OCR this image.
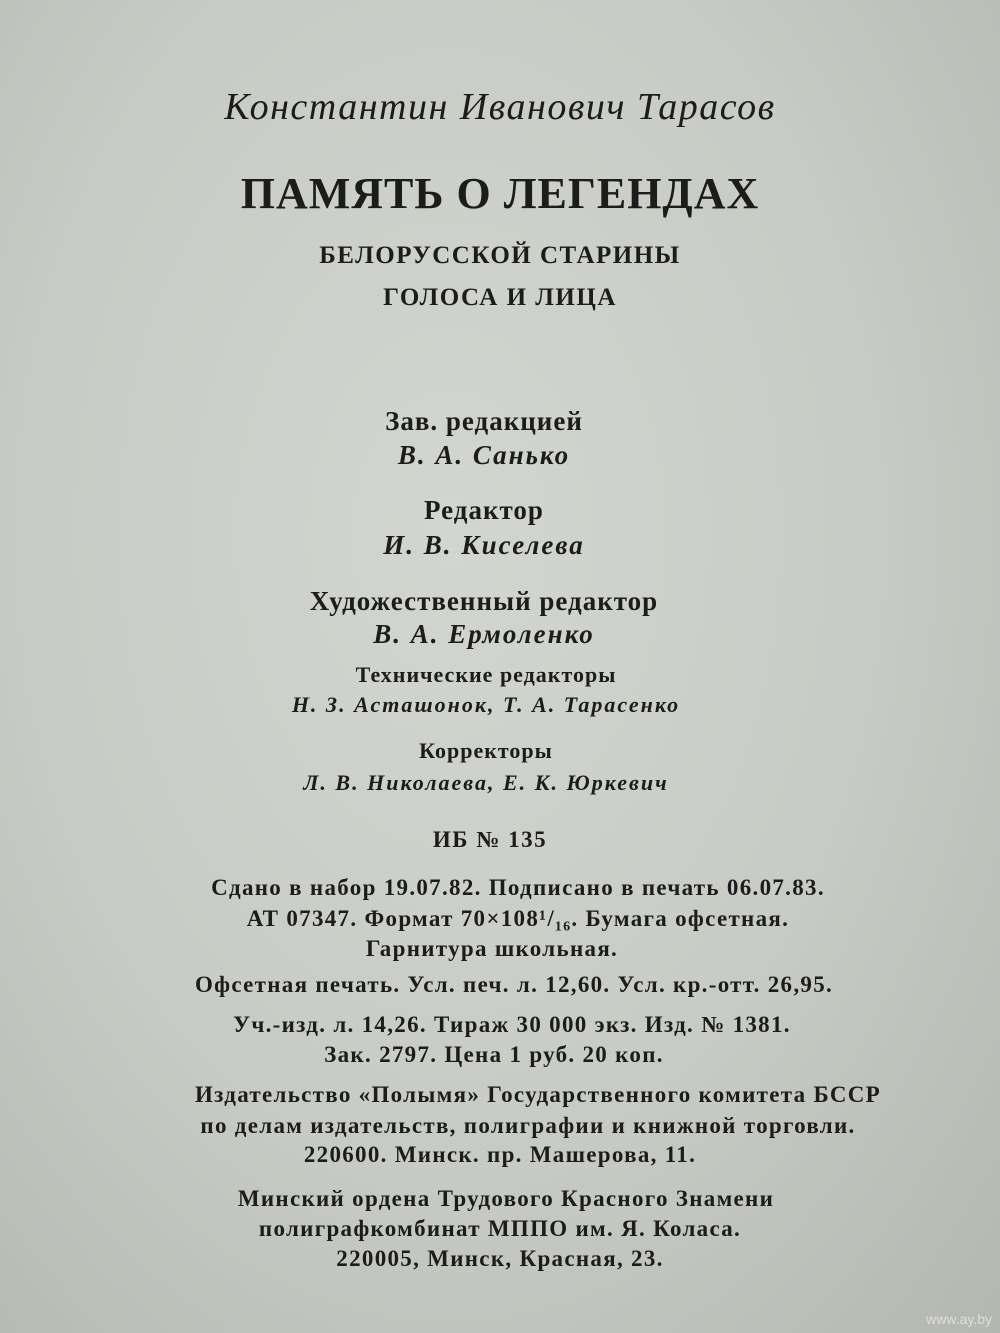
Константин Иванович Тарасов

ПАМЯТЬ О ЛЕГЕНДАХ

БЕЛОРУССКОЙ СТАРИНЫ

ГОЛОСА И ЛИЦА

Зав. редакцией

В. А. Санько

Редактор

И. В. Киселева

Художественный редактор

В. А. Ермоленко

Технические редакторы

Н. З. Асташонок, Т. А. Тарасенко

Корректоры

Л. В. Николаева, Е. К. Юркевич

ИБ № 135

Сдано в набор 19.07.82. Подписано в печать 06.07.83.

АТ 07347. Формат 70×108¹/₁₆. Бумага офсетная.

Гарнитура школьная.

Офсетная печать. Усл. печ. л. 12,60. Усл. кр.-отт. 26,95.

Уч.-изд. л. 14,26. Тираж 30 000 экз. Изд. № 1381.

Зак. 2797. Цена 1 руб. 20 коп.

Издательство «Полымя» Государственного комитета БССР

по делам издательств, полиграфии и книжной торговли.

220600. Минск. пр. Машерова, 11.

Минский ордена Трудового Красного Знамени

полиграфкомбинат МППО им. Я. Коласа.

220005, Минск, Красная, 23.

www.ay.by
